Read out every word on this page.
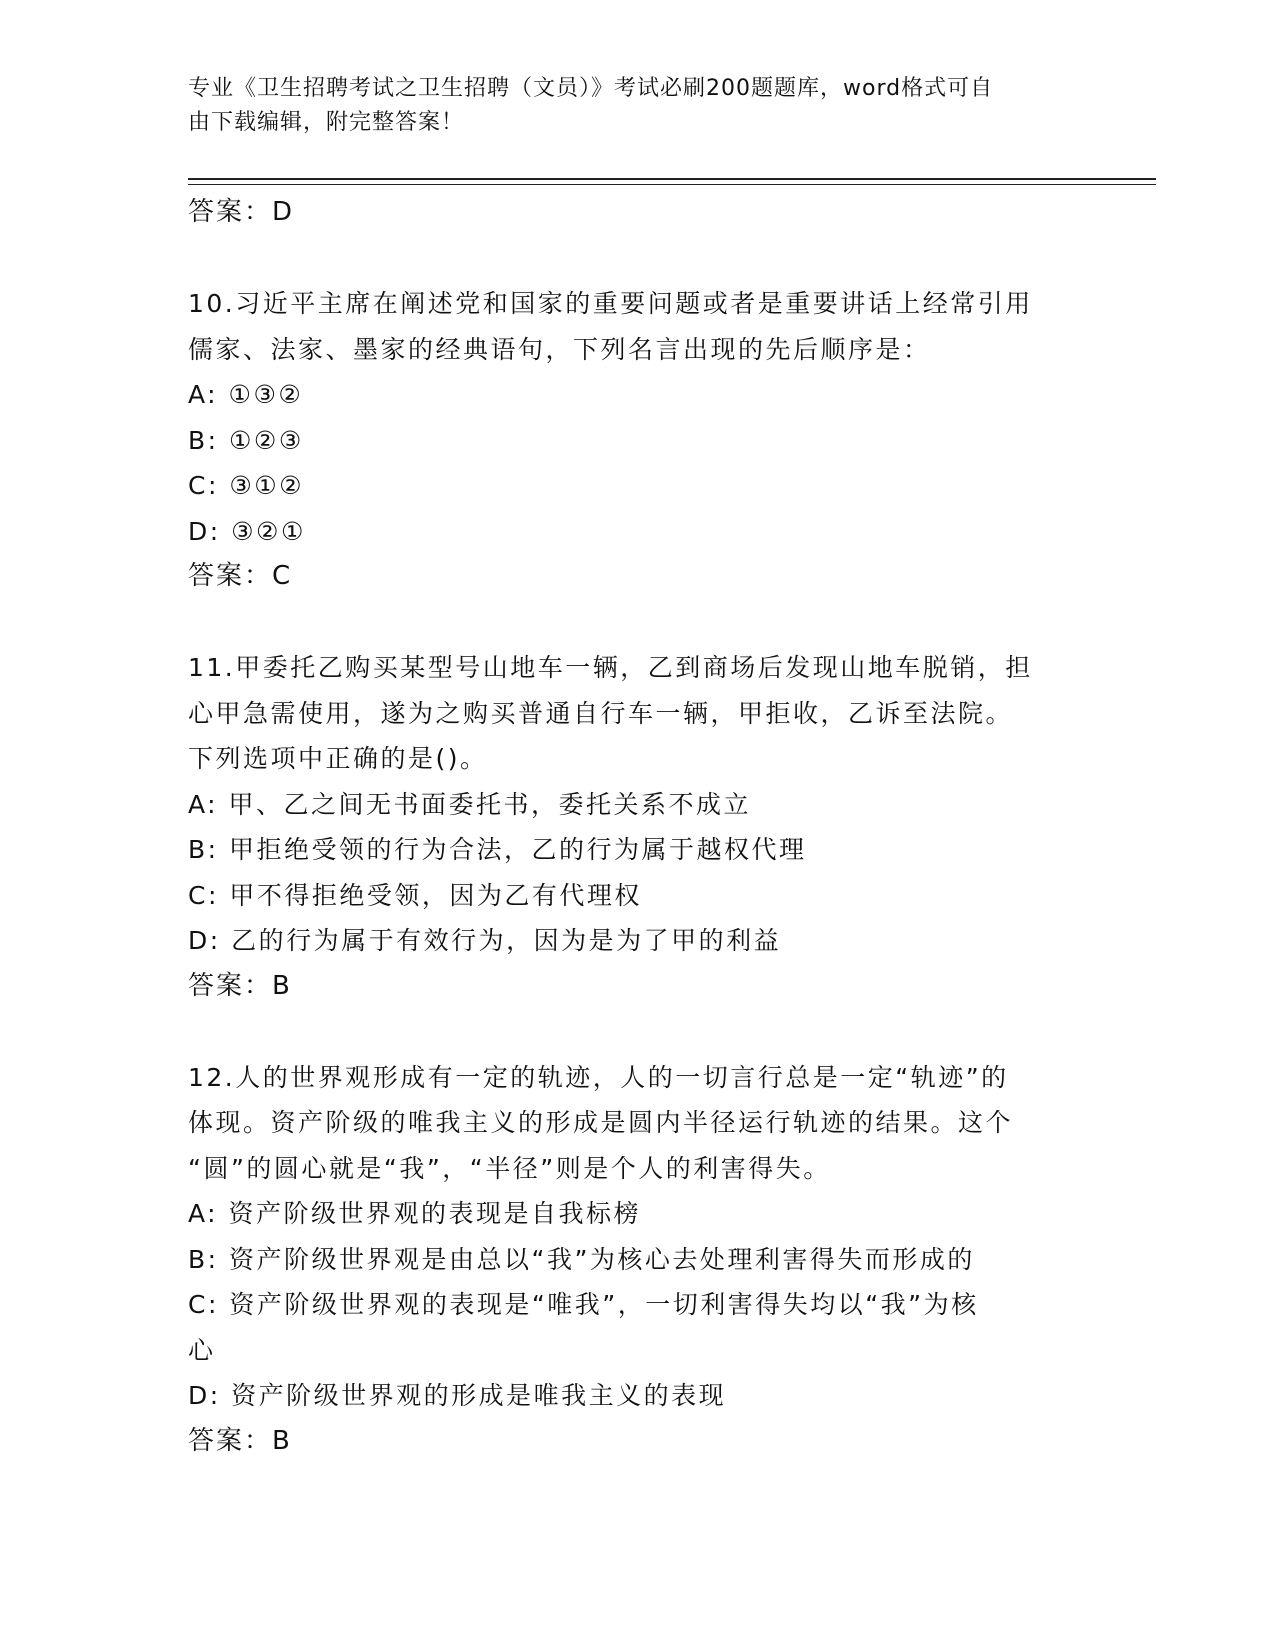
专业《卫生招聘考试之卫生招聘（文员）》考试必刷200题题库，word格式可自
由下载编辑，附完整答案！
答案：D
10.习近平主席在阐述党和国家的重要问题或者是重要讲话上经常引用
儒家、法家、墨家的经典语句，下列名言出现的先后顺序是：
A: ①③②
B: ①②③
C: ③①②
D: ③②①
答案：C
11.甲委托乙购买某型号山地车一辆，乙到商场后发现山地车脱销，担
心甲急需使用，遂为之购买普通自行车一辆，甲拒收，乙诉至法院。
下列选项中正确的是()。
A: 甲、乙之间无书面委托书，委托关系不成立
B: 甲拒绝受领的行为合法，乙的行为属于越权代理
C: 甲不得拒绝受领，因为乙有代理权
D: 乙的行为属于有效行为，因为是为了甲的利益
答案：B
12.人的世界观形成有一定的轨迹，人的一切言行总是一定“轨迹”的
体现。资产阶级的唯我主义的形成是圆内半径运行轨迹的结果。这个
“圆”的圆心就是“我”，“半径”则是个人的利害得失。
A: 资产阶级世界观的表现是自我标榜
B: 资产阶级世界观是由总以“我”为核心去处理利害得失而形成的
C: 资产阶级世界观的表现是“唯我”，一切利害得失均以“我”为核
心
D: 资产阶级世界观的形成是唯我主义的表现
答案：B
